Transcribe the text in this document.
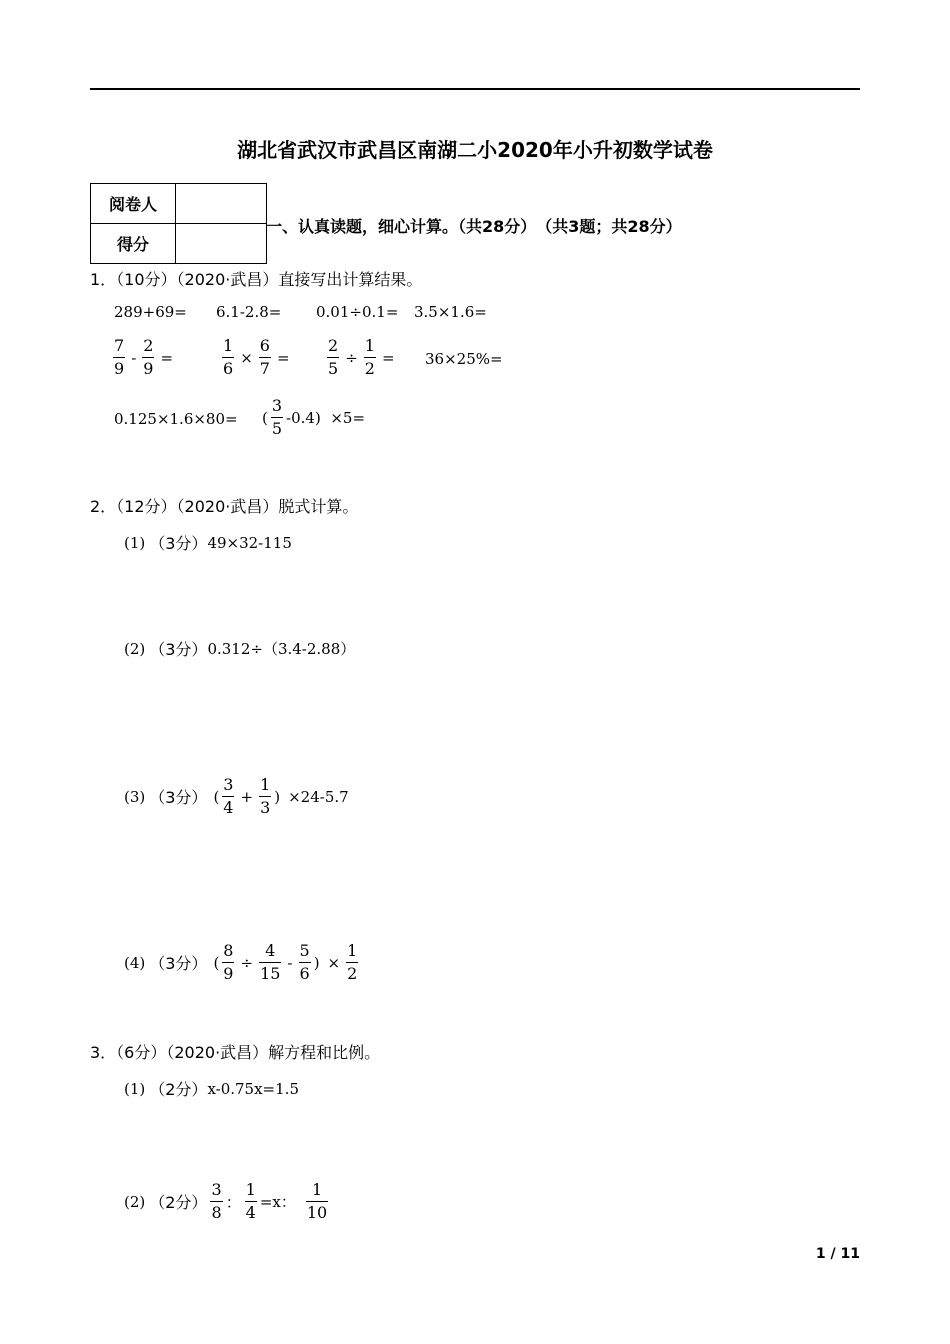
湖北省武汉市武昌区南湖二小2020年小升初数学试卷
阅卷人	
得分	
一、认真读题，细心计算。（共28分）　（共3题；共28分）
1．（10分）（2020·武昌）直接写出计算结果。
289+69= 6.1-2.8= 0.01÷0.1= 3.5×1.6=
$\frac{7}{9} - \frac{2}{9}$ =	$\frac{1}{6} \times \frac{6}{7} = \frac{2}{5} \div \frac{1}{2} = 36\times 25\%=$
0.125×1.6×80= ( $\frac{3}{5} -0.4) \times 5=$
2．（12分）（2020·武昌）脱式计算。
(1) （3分） 49×32-115
(2) （3分） 0.312÷（3.4-2.88）
(3) （3分） ( $\frac{3}{4} + \frac{1}{3}$ ) ×24-5.7
(4) （3分） ( $\frac{8}{9} \div \frac{4}{15} - \frac{5}{6}$ ) × $\frac{1}{2}$
3．（6分）（2020·武昌）解方程和比例。
(1) （2分） x-0.75x=1.5
(2) （2分） $\frac{3}{8}$ ： $\frac{1}{4} =x$： $\frac{1}{10}$
1 / 11
